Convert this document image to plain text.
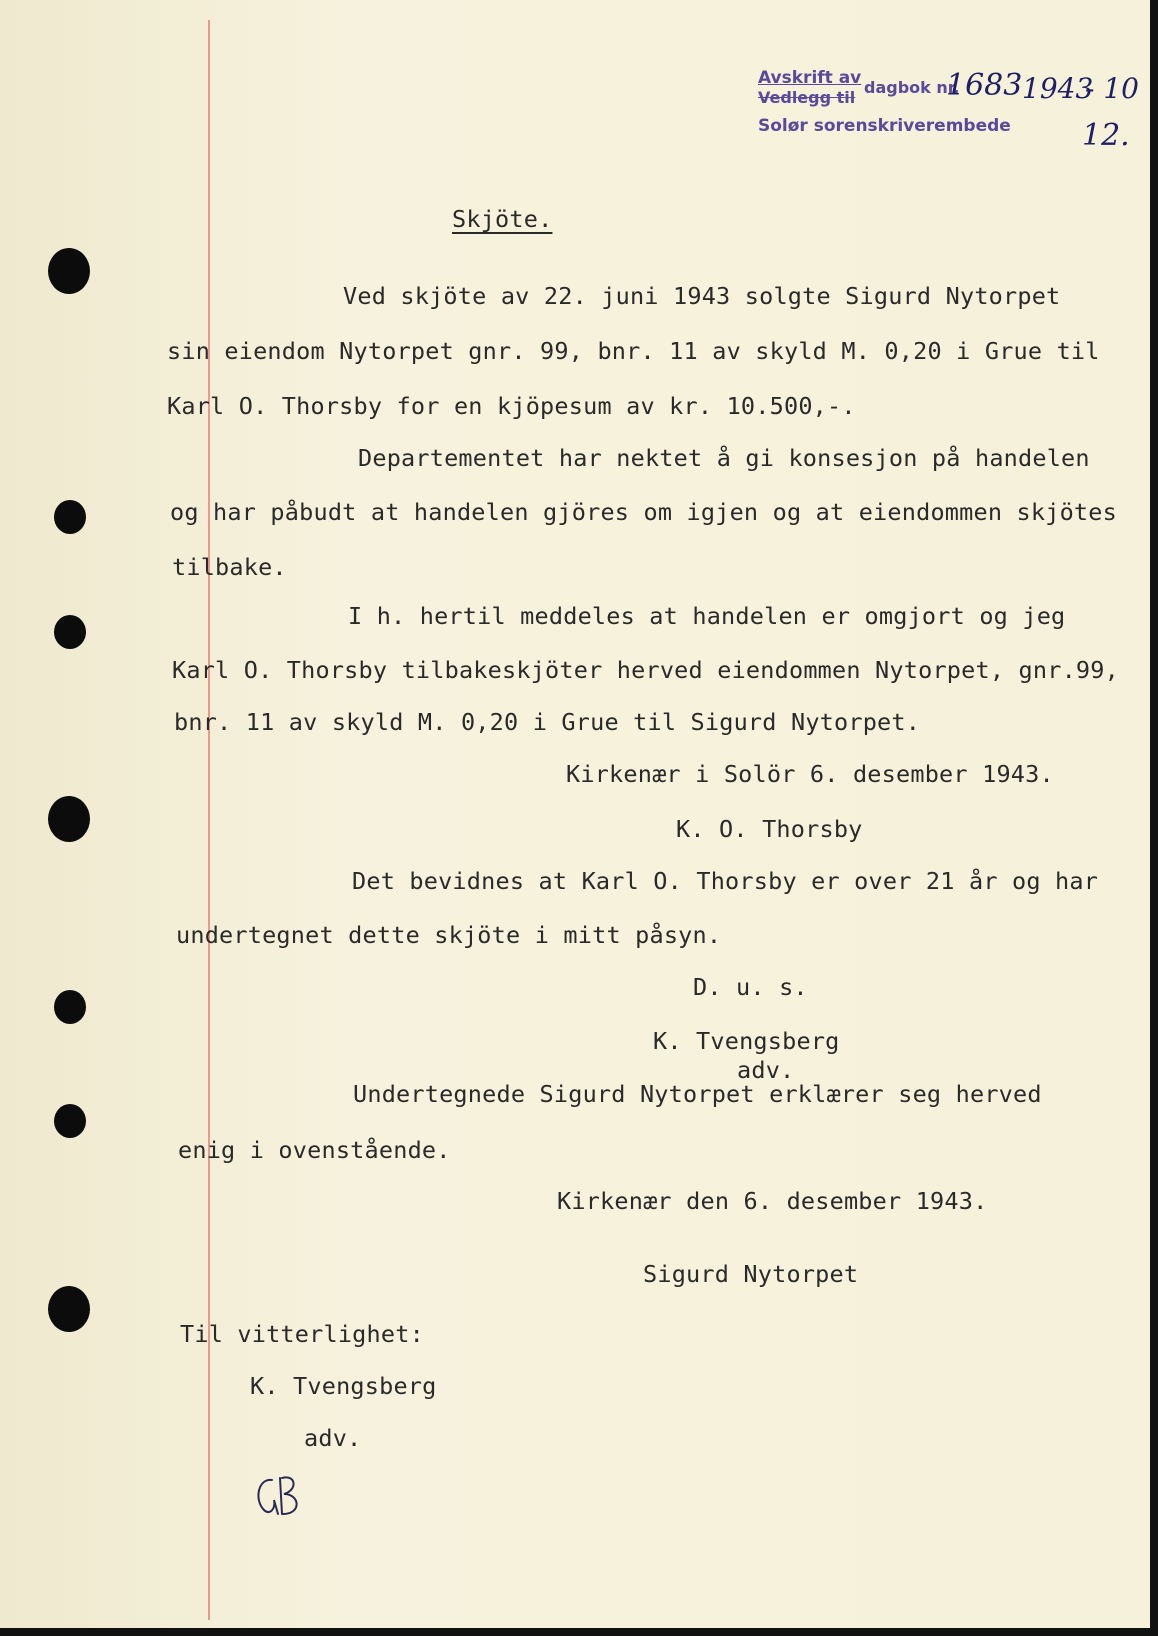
Avskrift av
Vedlegg til
dagbok nr.
Solør sorenskriverembede
1683 1943
- 10
12.
Skjöte.
Ved skjöte av 22. juni 1943 solgte Sigurd Nytorpet
sin eiendom Nytorpet gnr. 99, bnr. 11 av skyld M. 0,20 i Grue til
Karl O. Thorsby for en kjöpesum av kr. 10.500,-.
Departementet har nektet å gi konsesjon på handelen
og har påbudt at handelen gjöres om igjen og at eiendommen skjötes
tilbake.
I h. hertil meddeles at handelen er omgjort og jeg
Karl O. Thorsby tilbakeskjöter herved eiendommen Nytorpet, gnr.99,
bnr. 11 av skyld M. 0,20 i Grue til Sigurd Nytorpet.
Kirkenær i Solör 6. desember 1943.
K. O. Thorsby
Det bevidnes at Karl O. Thorsby er over 21 år og har
undertegnet dette skjöte i mitt påsyn.
D. u. s.
K. Tvengsberg
adv.
Undertegnede Sigurd Nytorpet erklærer seg herved
enig i ovenstående.
Kirkenær den 6. desember 1943.
Sigurd Nytorpet
Til vitterlighet:
K. Tvengsberg
adv.
